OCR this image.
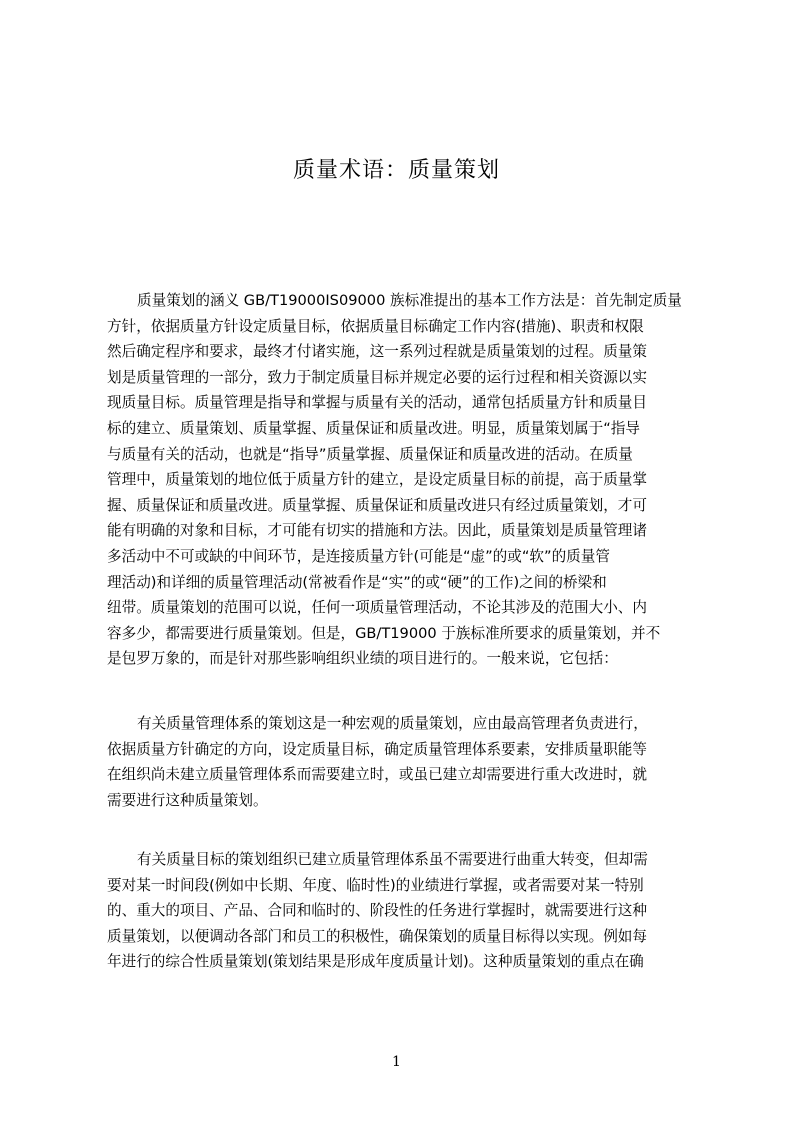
质量术语：质量策划
质量策划的涵义 GB/T19000IS09000 族标准提出的基本工作方法是：首先制定质量
方针，依据质量方针设定质量目标，依据质量目标确定工作内容(措施)、职责和权限
然后确定程序和要求，最终才付诸实施，这一系列过程就是质量策划的过程。质量策
划是质量管理的一部分，致力于制定质量目标并规定必要的运行过程和相关资源以实
现质量目标。质量管理是指导和掌握与质量有关的活动，通常包括质量方针和质量目
标的建立、质量策划、质量掌握、质量保证和质量改进。明显，质量策划属于“指导
与质量有关的活动，也就是“指导”质量掌握、质量保证和质量改进的活动。在质量
管理中，质量策划的地位低于质量方针的建立，是设定质量目标的前提，高于质量掌
握、质量保证和质量改进。质量掌握、质量保证和质量改进只有经过质量策划，才可
能有明确的对象和目标，才可能有切实的措施和方法。因此，质量策划是质量管理诸
多活动中不可或缺的中间环节，是连接质量方针(可能是“虚”的或“软”的质量管
理活动)和详细的质量管理活动(常被看作是“实”的或“硬”的工作)之间的桥梁和
纽带。质量策划的范围可以说，任何一项质量管理活动，不论其涉及的范围大小、内
容多少，都需要进行质量策划。但是，GB/T19000 于族标准所要求的质量策划，并不
是包罗万象的，而是针对那些影响组织业绩的项目进行的。一般来说，它包括：
有关质量管理体系的策划这是一种宏观的质量策划，应由最高管理者负责进行，
依据质量方针确定的方向，设定质量目标，确定质量管理体系要素，安排质量职能等
在组织尚未建立质量管理体系而需要建立时，或虽已建立却需要进行重大改进时，就
需要进行这种质量策划。
有关质量目标的策划组织已建立质量管理体系虽不需要进行曲重大转变，但却需
要对某一时间段(例如中长期、年度、临时性)的业绩进行掌握，或者需要对某一特别
的、重大的项目、产品、合同和临时的、阶段性的任务进行掌握时，就需要进行这种
质量策划，以便调动各部门和员工的积极性，确保策划的质量目标得以实现。例如每
年进行的综合性质量策划(策划结果是形成年度质量计划)。这种质量策划的重点在确
1
